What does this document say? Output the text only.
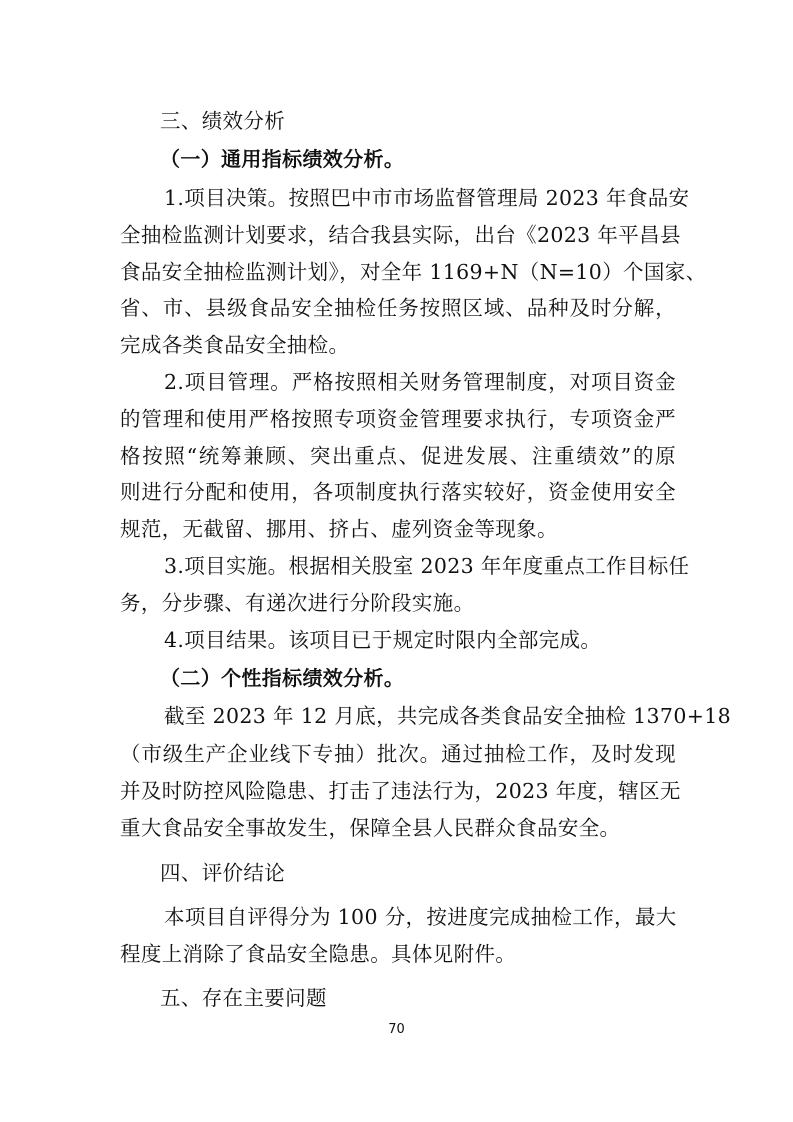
三、绩效分析
（一）通用指标绩效分析。
1.项目决策。按照巴中市市场监督管理局 2023 年食品安
全抽检监测计划要求，结合我县实际，出台《2023 年平昌县
食品安全抽检监测计划》，对全年 1169+N（N=10）个国家、
省、市、县级食品安全抽检任务按照区域、品种及时分解，
完成各类食品安全抽检。
2.项目管理。严格按照相关财务管理制度，对项目资金
的管理和使用严格按照专项资金管理要求执行，专项资金严
格按照“统筹兼顾、突出重点、促进发展、注重绩效”的原
则进行分配和使用，各项制度执行落实较好，资金使用安全
规范，无截留、挪用、挤占、虚列资金等现象。
3.项目实施。根据相关股室 2023 年年度重点工作目标任
务，分步骤、有递次进行分阶段实施。
4.项目结果。该项目已于规定时限内全部完成。
（二）个性指标绩效分析。
截至 2023 年 12 月底，共完成各类食品安全抽检 1370+18
（市级生产企业线下专抽）批次。通过抽检工作，及时发现
并及时防控风险隐患、打击了违法行为，2023 年度，辖区无
重大食品安全事故发生，保障全县人民群众食品安全。
四、评价结论
本项目自评得分为 100 分，按进度完成抽检工作，最大
程度上消除了食品安全隐患。具体见附件。
五、存在主要问题
70
